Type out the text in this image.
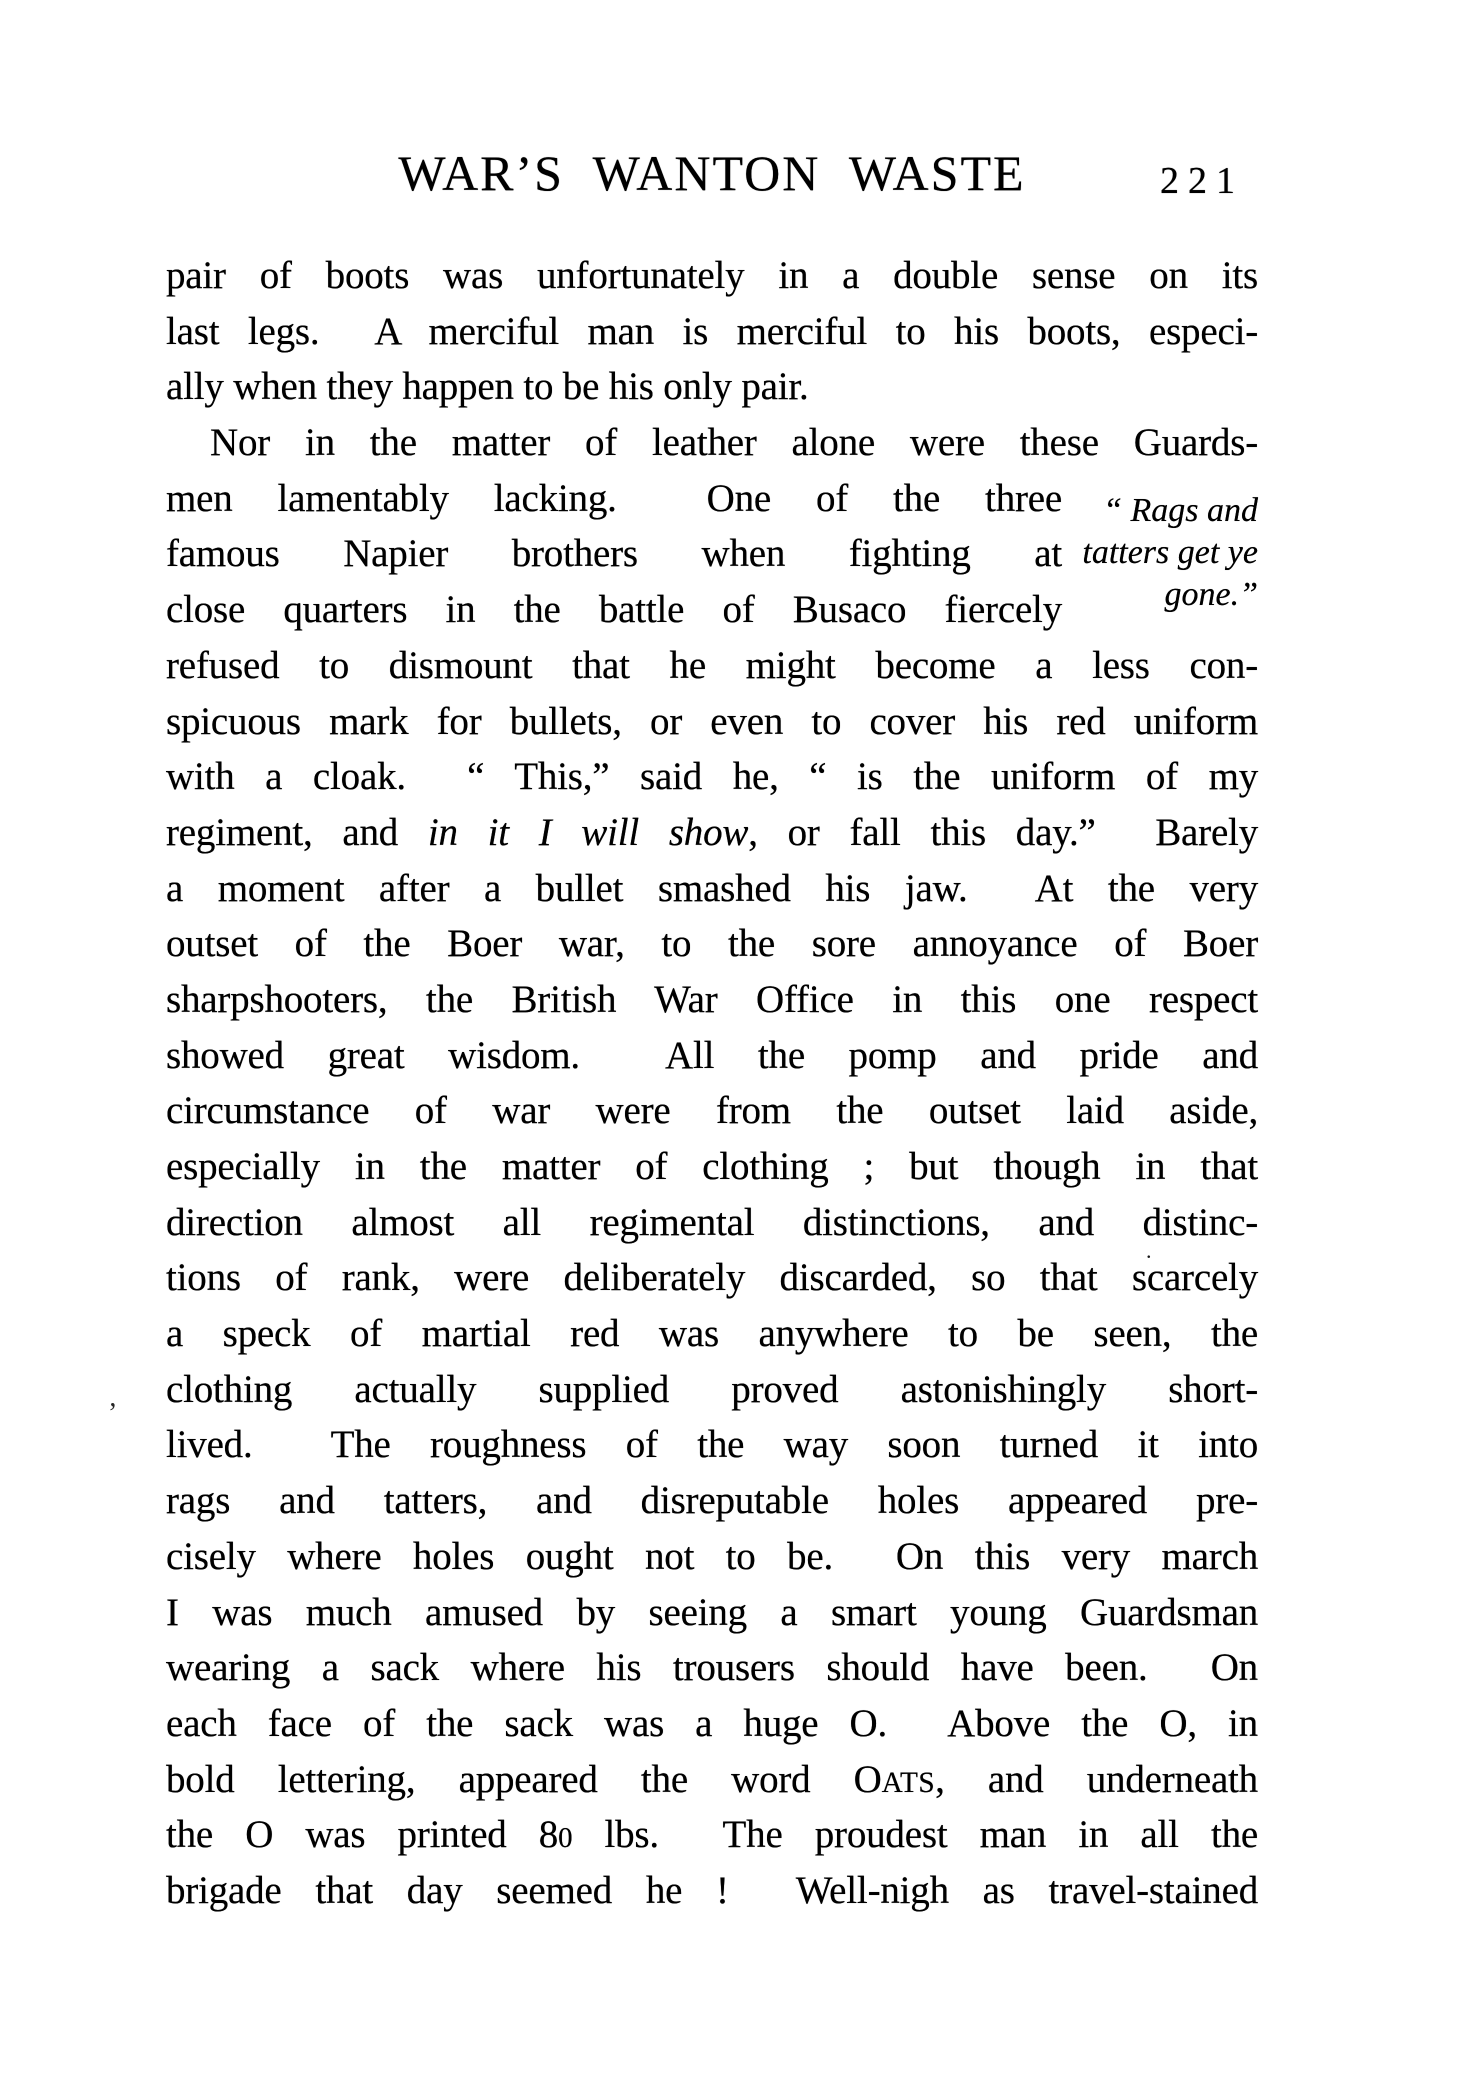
WAR’S WANTON WASTE	221
pair of boots was unfortunately in a double sense on its
last legs.  A merciful man is merciful to his boots, especi-
ally when they happen to be his only pair.
Nor in the matter of leather alone were these Guards-
men lamentably lacking.  One of the three
famous Napier brothers when fighting at
close quarters in the battle of Busaco fiercely
refused to dismount that he might become a less con-
spicuous mark for bullets, or even to cover his red uniform
with a cloak.  “ This,” said he, “ is the uniform of my
regiment, and in it I will show, or fall this day.”  Barely
a moment after a bullet smashed his jaw.  At the very
outset of the Boer war, to the sore annoyance of Boer
sharpshooters, the British War Office in this one respect
showed great wisdom.  All the pomp and pride and
circumstance of war were from the outset laid aside,
especially in the matter of clothing ; but though in that
direction almost all regimental distinctions, and distinc-
tions of rank, were deliberately discarded, so that scarcely
a speck of martial red was anywhere to be seen, the
clothing actually supplied proved astonishingly short-
lived.  The roughness of the way soon turned it into
rags and tatters, and disreputable holes appeared pre-
cisely where holes ought not to be.  On this very march
I was much amused by seeing a smart young Guardsman
wearing a sack where his trousers should have been.  On
each face of the sack was a huge O.  Above the O, in
bold lettering, appeared the word OATS, and underneath
the O was printed 80 lbs.  The proudest man in all the
brigade that day seemed he !  Well-nigh as travel-stained
“ Rags and
tatters get ye
gone.”
’
.
